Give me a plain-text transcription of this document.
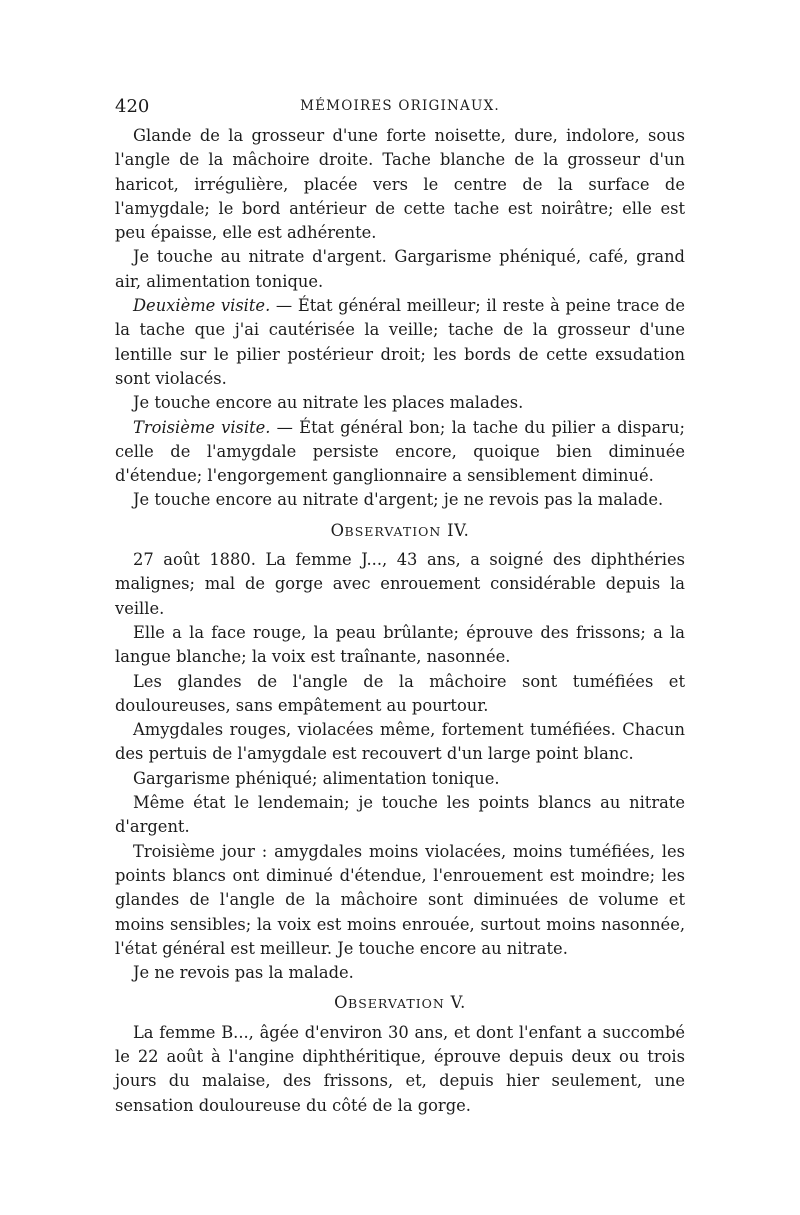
420	MÉMOIRES ORIGINAUX.

Glande de la grosseur d'une forte noisette, dure, indolore, sous l'angle de la mâchoire droite. Tache blanche de la grosseur d'un haricot, irrégulière, placée vers le centre de la surface de l'amygdale; le bord antérieur de cette tache est noirâtre; elle est peu épaisse, elle est adhérente.

Je touche au nitrate d'argent. Gargarisme phéniqué, café, grand air, alimentation tonique.

Deuxième visite. — État général meilleur; il reste à peine trace de la tache que j'ai cautérisée la veille; tache de la grosseur d'une lentille sur le pilier postérieur droit; les bords de cette exsudation sont violacés.

Je touche encore au nitrate les places malades.

Troisième visite. — État général bon; la tache du pilier a disparu; celle de l'amygdale persiste encore, quoique bien diminuée d'étendue; l'engorgement ganglionnaire a sensiblement diminué.

Je touche encore au nitrate d'argent; je ne revois pas la malade.

OBSERVATION IV.

27 août 1880. La femme J..., 43 ans, a soigné des diphthéries malignes; mal de gorge avec enrouement considérable depuis la veille.

Elle a la face rouge, la peau brûlante; éprouve des frissons; a la langue blanche; la voix est traînante, nasonnée.

Les glandes de l'angle de la mâchoire sont tuméfiées et douloureuses, sans empâtement au pourtour.

Amygdales rouges, violacées même, fortement tuméfiées. Chacun des pertuis de l'amygdale est recouvert d'un large point blanc.

Gargarisme phéniqué; alimentation tonique.

Même état le lendemain; je touche les points blancs au nitrate d'argent.

Troisième jour : amygdales moins violacées, moins tuméfiées, les points blancs ont diminué d'étendue, l'enrouement est moindre; les glandes de l'angle de la mâchoire sont diminuées de volume et moins sensibles; la voix est moins enrouée, surtout moins nasonnée, l'état général est meilleur. Je touche encore au nitrate.

Je ne revois pas la malade.

OBSERVATION V.

La femme B..., âgée d'environ 30 ans, et dont l'enfant a succombé le 22 août à l'angine diphthéritique, éprouve depuis deux ou trois jours du malaise, des frissons, et, depuis hier seulement, une sensation douloureuse du côté de la gorge.
